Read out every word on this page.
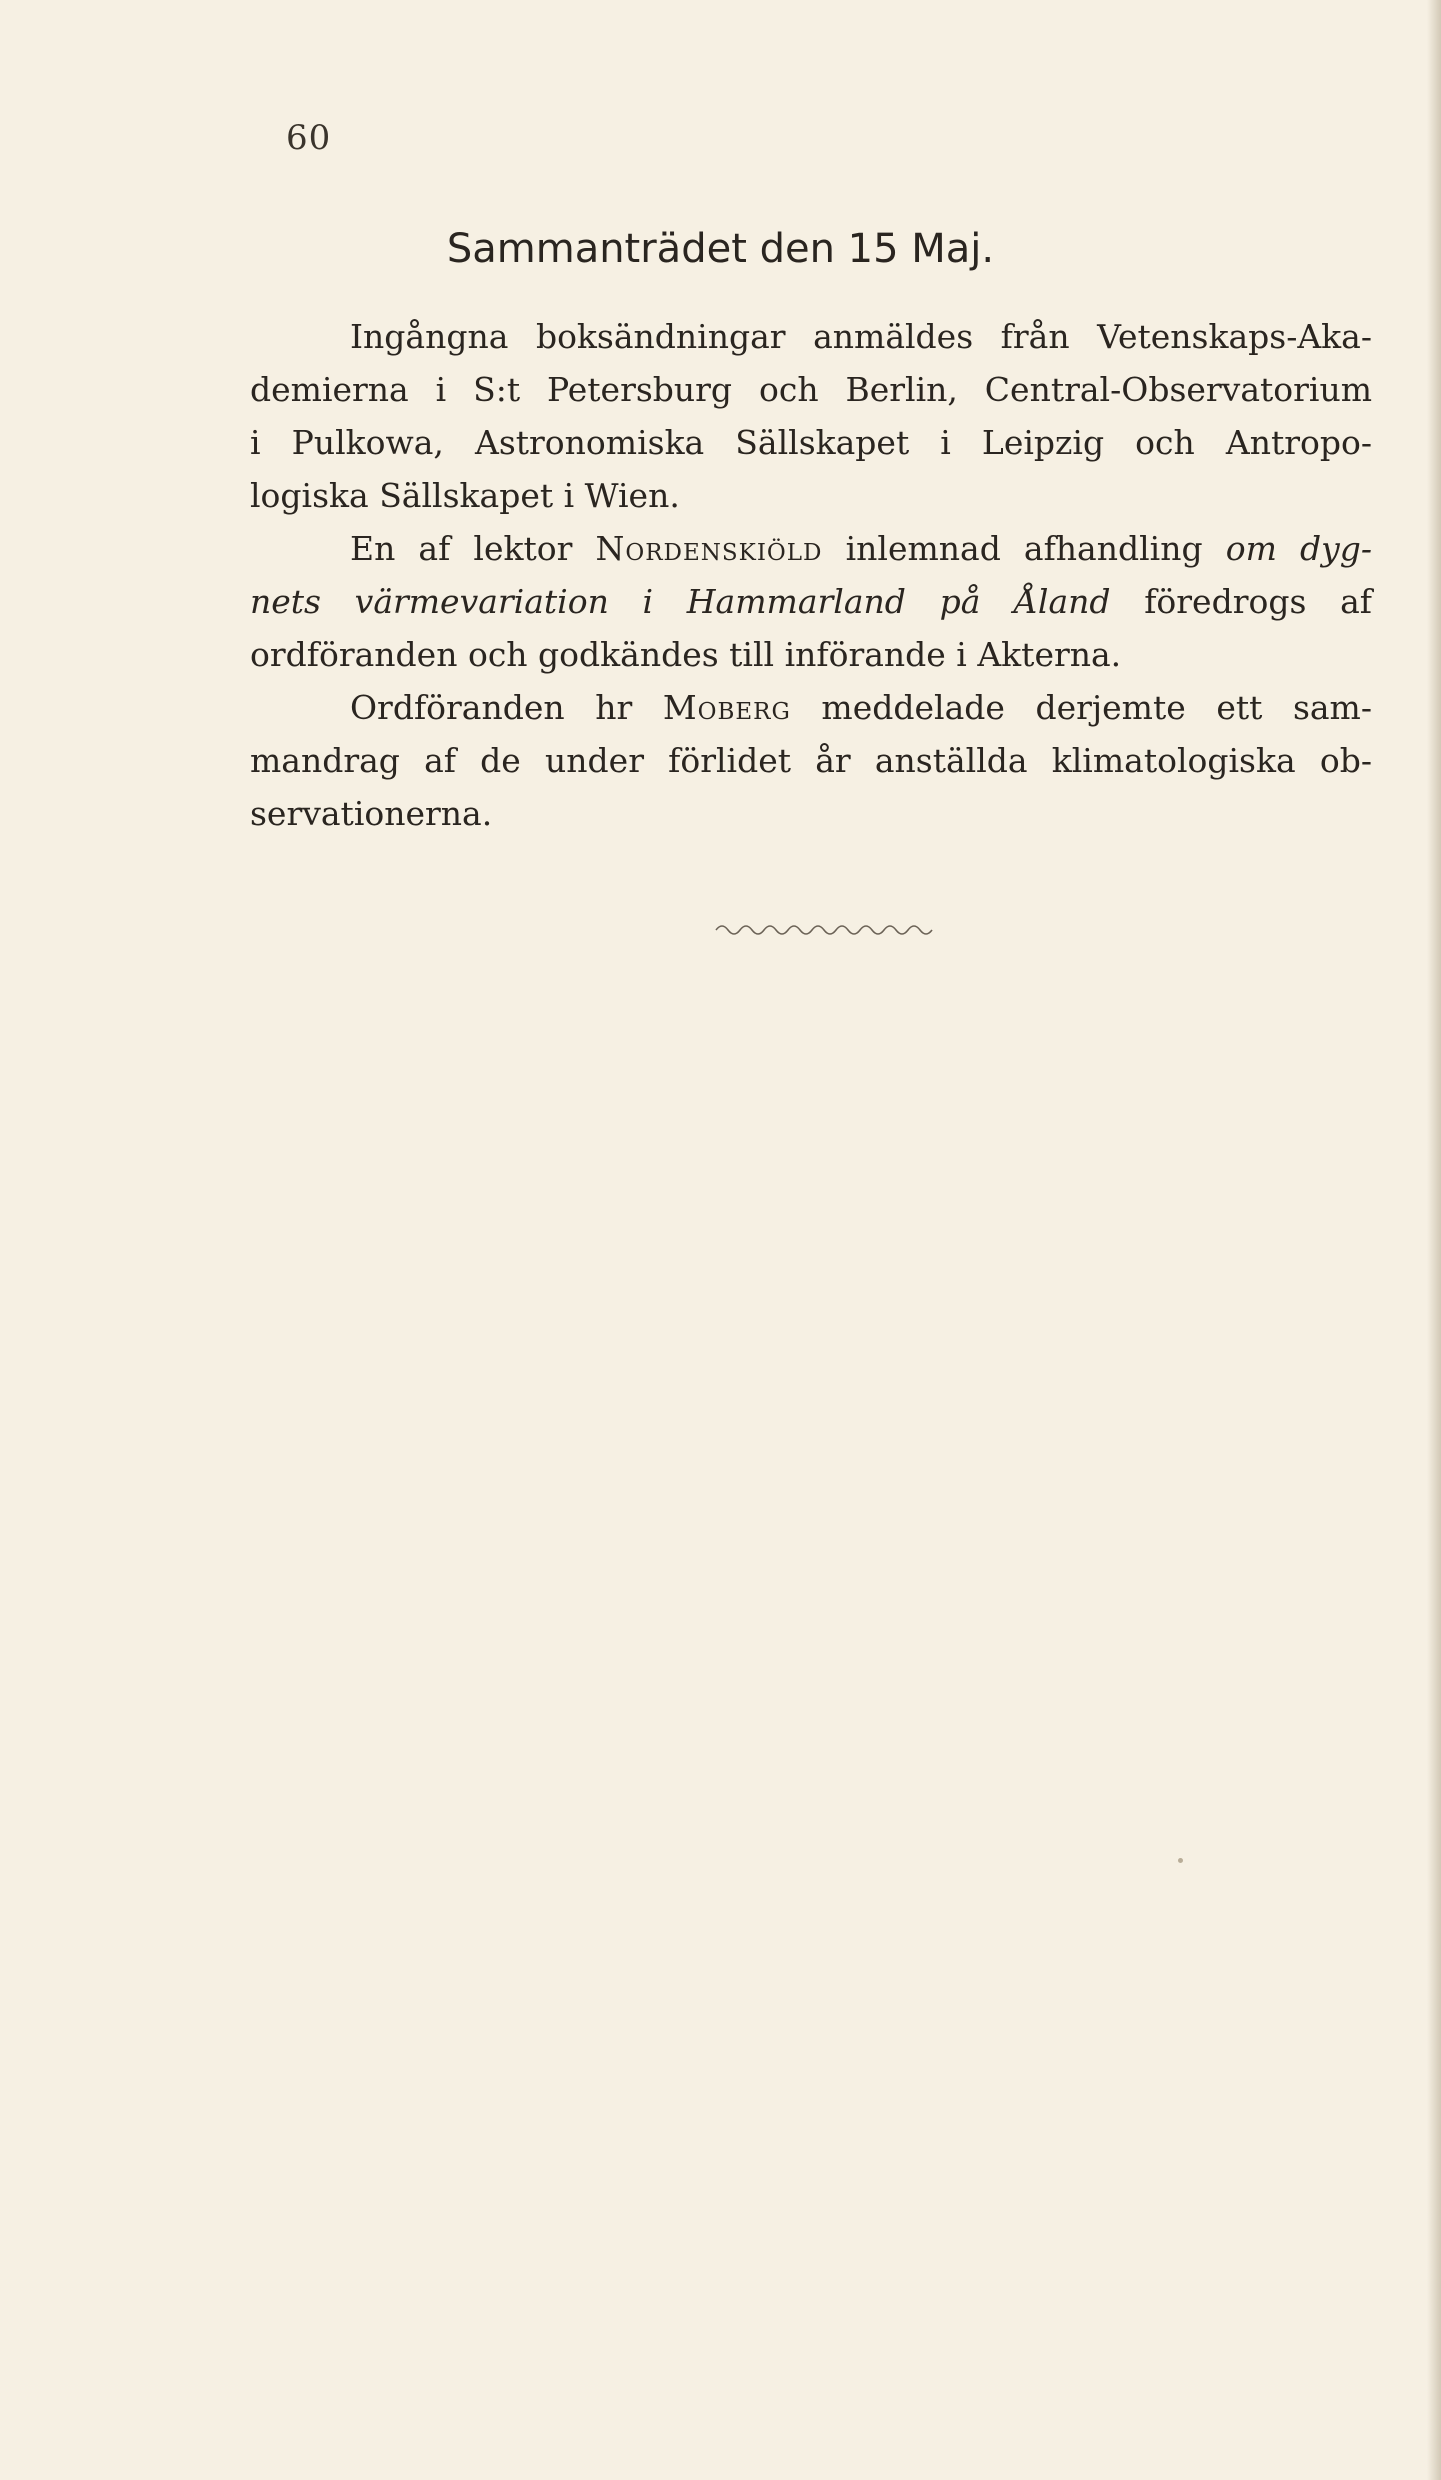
60
Sammanträdet den 15 Maj.
Ingångna boksändningar anmäldes från Vetenskaps-Aka-
demierna i S:t Petersburg och Berlin, Central-Observatorium
i Pulkowa, Astronomiska Sällskapet i Leipzig och Antropo-
logiska Sällskapet i Wien.
En af lektor Nordenskiöld inlemnad afhandling om dyg-
nets värmevariation i Hammarland på Åland föredrogs af
ordföranden och godkändes till införande i Akterna.
Ordföranden hr Moberg meddelade derjemte ett sam-
mandrag af de under förlidet år anställda klimatologiska ob-
servationerna.
